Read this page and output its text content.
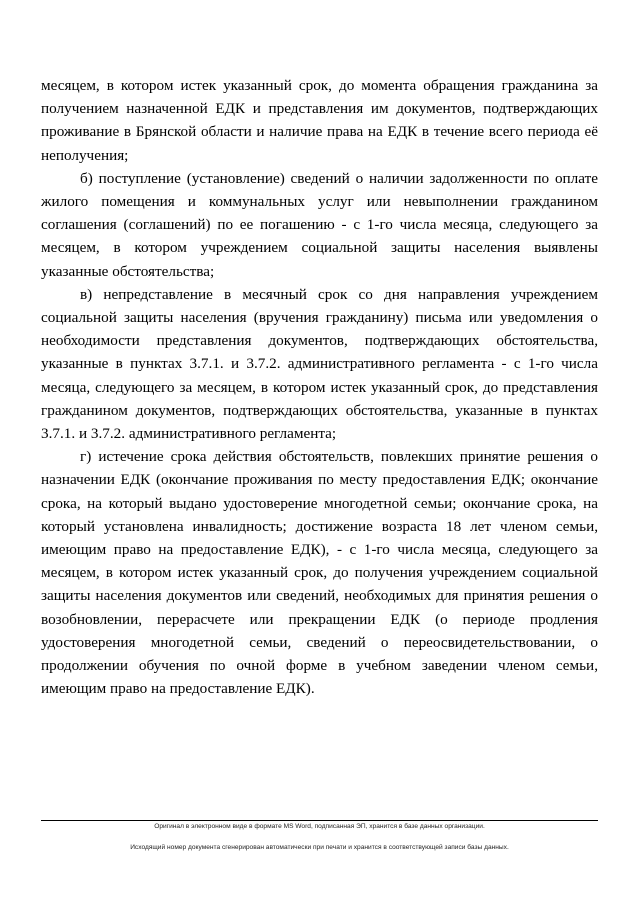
месяцем, в котором истек указанный срок, до момента обращения гражданина за получением назначенной ЕДК и представления им документов, подтверждающих проживание в Брянской области и наличие права на ЕДК в течение всего периода её неполучения;

б) поступление (установление) сведений о наличии задолженности по оплате жилого помещения и коммунальных услуг или невыполнении гражданином соглашения (соглашений) по ее погашению - с 1-го числа месяца, следующего за месяцем, в котором учреждением социальной защиты населения выявлены указанные обстоятельства;

в) непредставление в месячный срок со дня направления учреждением социальной защиты населения (вручения гражданину) письма или уведомления о необходимости представления документов, подтверждающих обстоятельства, указанные в пунктах 3.7.1. и 3.7.2. административного регламента - с 1-го числа месяца, следующего за месяцем, в котором истек указанный срок, до представления гражданином документов, подтверждающих обстоятельства, указанные в пунктах 3.7.1. и 3.7.2. административного регламента;

г) истечение срока действия обстоятельств, повлекших принятие решения о назначении ЕДК (окончание проживания по месту предоставления ЕДК; окончание срока, на который выдано удостоверение многодетной семьи; окончание срока, на который установлена инвалидность; достижение возраста 18 лет членом семьи, имеющим право на предоставление ЕДК), - с 1-го числа месяца, следующего за месяцем, в котором истек указанный срок, до получения учреждением социальной защиты населения документов или сведений, необходимых для принятия решения о возобновлении, перерасчете или прекращении ЕДК (о периоде продления удостоверения многодетной семьи, сведений о переосвидетельствовании, о продолжении обучения по очной форме в учебном заведении членом семьи, имеющим право на предоставление ЕДК).

Оригинал в электронном виде в формате MS Word, подписанная ЭП, хранится в базе данных организации.
Исходящий номер документа сгенерирован автоматически при печати и хранится в соответствующей записи базы данных.
